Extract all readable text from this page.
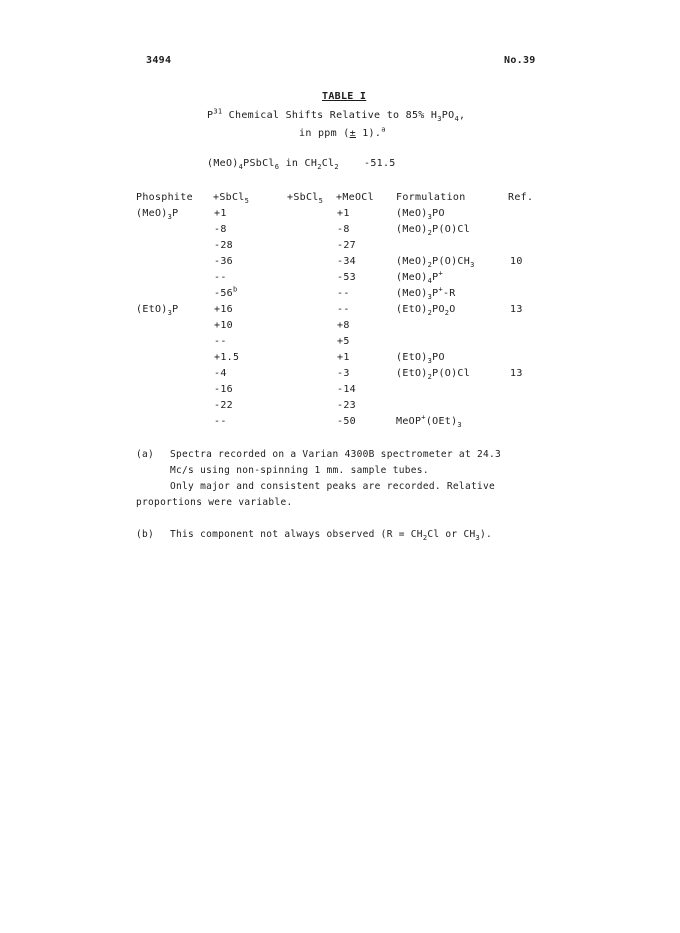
3494	No.39
TABLE I
$P^{31}$ Chemical Shifts Relative to 85% $H_3PO_4$,
in ppm (± 1).$^a$
$(MeO)_4PSbCl_6$ in $CH_2Cl_2$	-51.5
Phosphite +SbCl$_5$	+SbCl$_5$ +MeOCl Formulation	Ref.
$(MeO)_3P$	+1	+1	$(MeO)_3PO$
-8	-8	$(MeO)_2P(O)Cl$
-28	-27
-36	-34	$(MeO)_2P(O)CH_3$	10
--	-53	$(MeO)_4P^+$
-56$^b$	--	$(MeO)_3P^+-R$
$(EtO)_3P$	+16	--	$(EtO)_2PO_2O$	13
+10	+8
--	+5
+1.5	+1	$(EtO)_3PO$
-4	-3	$(EtO)_2P(O)Cl$	13
-16	-14
-22	-23
--	-50	$MeOP^+(OEt)_3$
(a) Spectra recorded on a Varian 4300B spectrometer at 24.3
Mc/s using non-spinning 1 mm. sample tubes.
Only major and consistent peaks are recorded. Relative
proportions were variable.
(b) This component not always observed ($R = CH_2Cl$ or $CH_3$).
